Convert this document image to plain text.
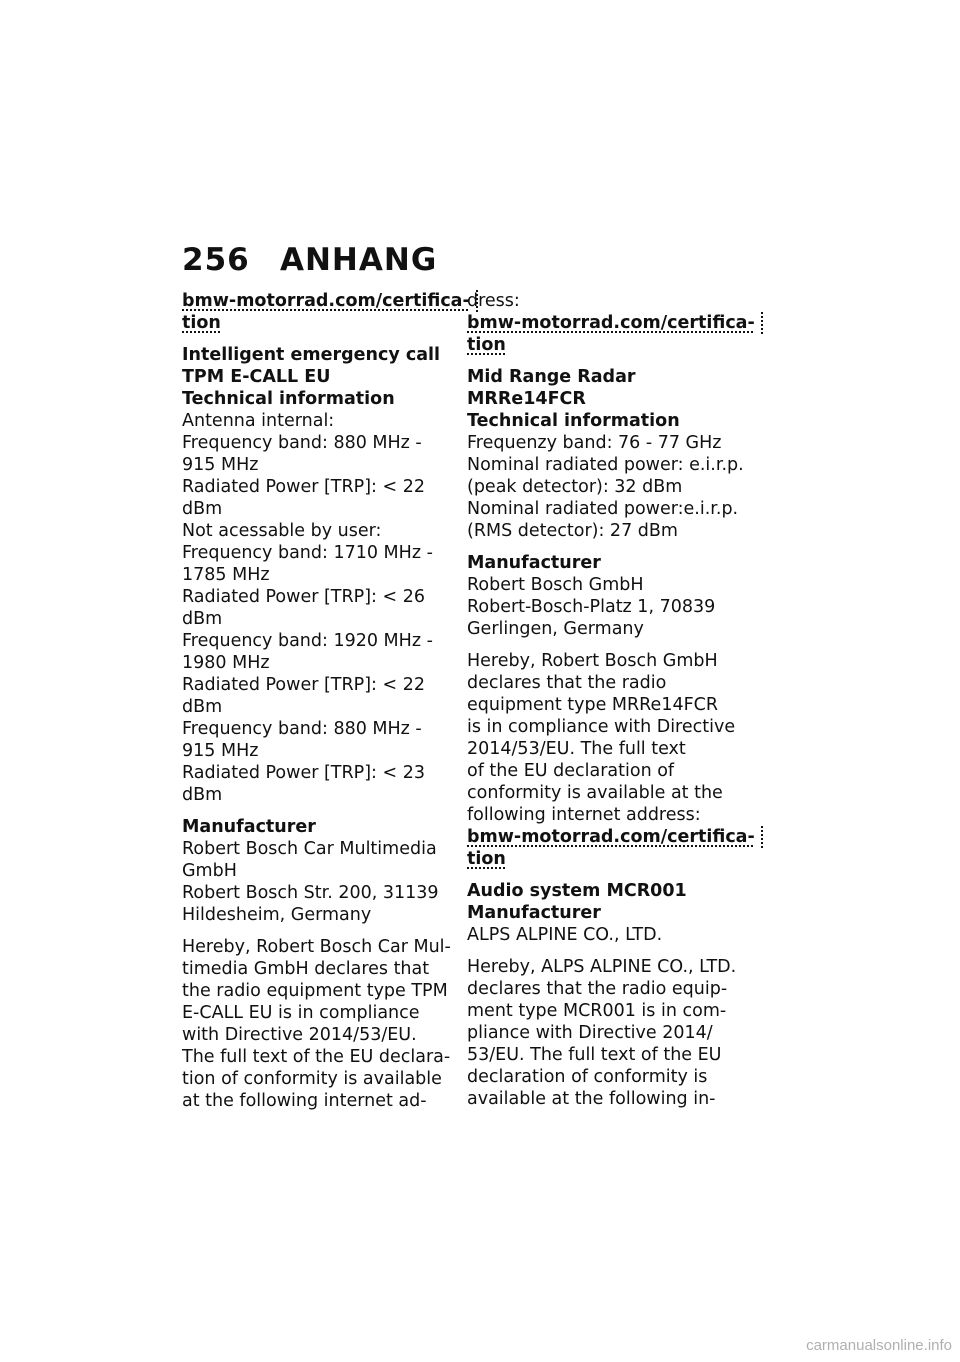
256 ANHANG
bmw-motorrad.com/certifica-
tion
Intelligent emergency call
TPM E-CALL EU
Technical information
Antenna internal:
Frequency band: 880 MHz -
915 MHz
Radiated Power [TRP]: < 22
dBm
Not acessable by user:
Frequency band: 1710 MHz -
1785 MHz
Radiated Power [TRP]: < 26
dBm
Frequency band: 1920 MHz -
1980 MHz
Radiated Power [TRP]: < 22
dBm
Frequency band: 880 MHz -
915 MHz
Radiated Power [TRP]: < 23
dBm
Manufacturer
Robert Bosch Car Multimedia
GmbH
Robert Bosch Str. 200, 31139
Hildesheim, Germany
Hereby, Robert Bosch Car Mul-
timedia GmbH declares that
the radio equipment type TPM
E-CALL EU is in compliance
with Directive 2014/53/EU.
The full text of the EU declara-
tion of conformity is available
at the following internet ad-
dress:
bmw-motorrad.com/certifica-
tion
Mid Range Radar
MRRe14FCR
Technical information
Frequenzy band: 76 - 77 GHz
Nominal radiated power: e.i.r.p.
(peak detector): 32 dBm
Nominal radiated power:e.i.r.p.
(RMS detector): 27 dBm
Manufacturer
Robert Bosch GmbH
Robert-Bosch-Platz 1, 70839
Gerlingen, Germany
Hereby, Robert Bosch GmbH
declares that the radio
equipment type MRRe14FCR
is in compliance with Directive
2014/53/EU. The full text
of the EU declaration of
conformity is available at the
following internet address:
bmw-motorrad.com/certifica-
tion
Audio system MCR001
Manufacturer
ALPS ALPINE CO., LTD.
Hereby, ALPS ALPINE CO., LTD.
declares that the radio equip-
ment type MCR001 is in com-
pliance with Directive 2014/
53/EU. The full text of the EU
declaration of conformity is
available at the following in-
carmanualsonline.info
